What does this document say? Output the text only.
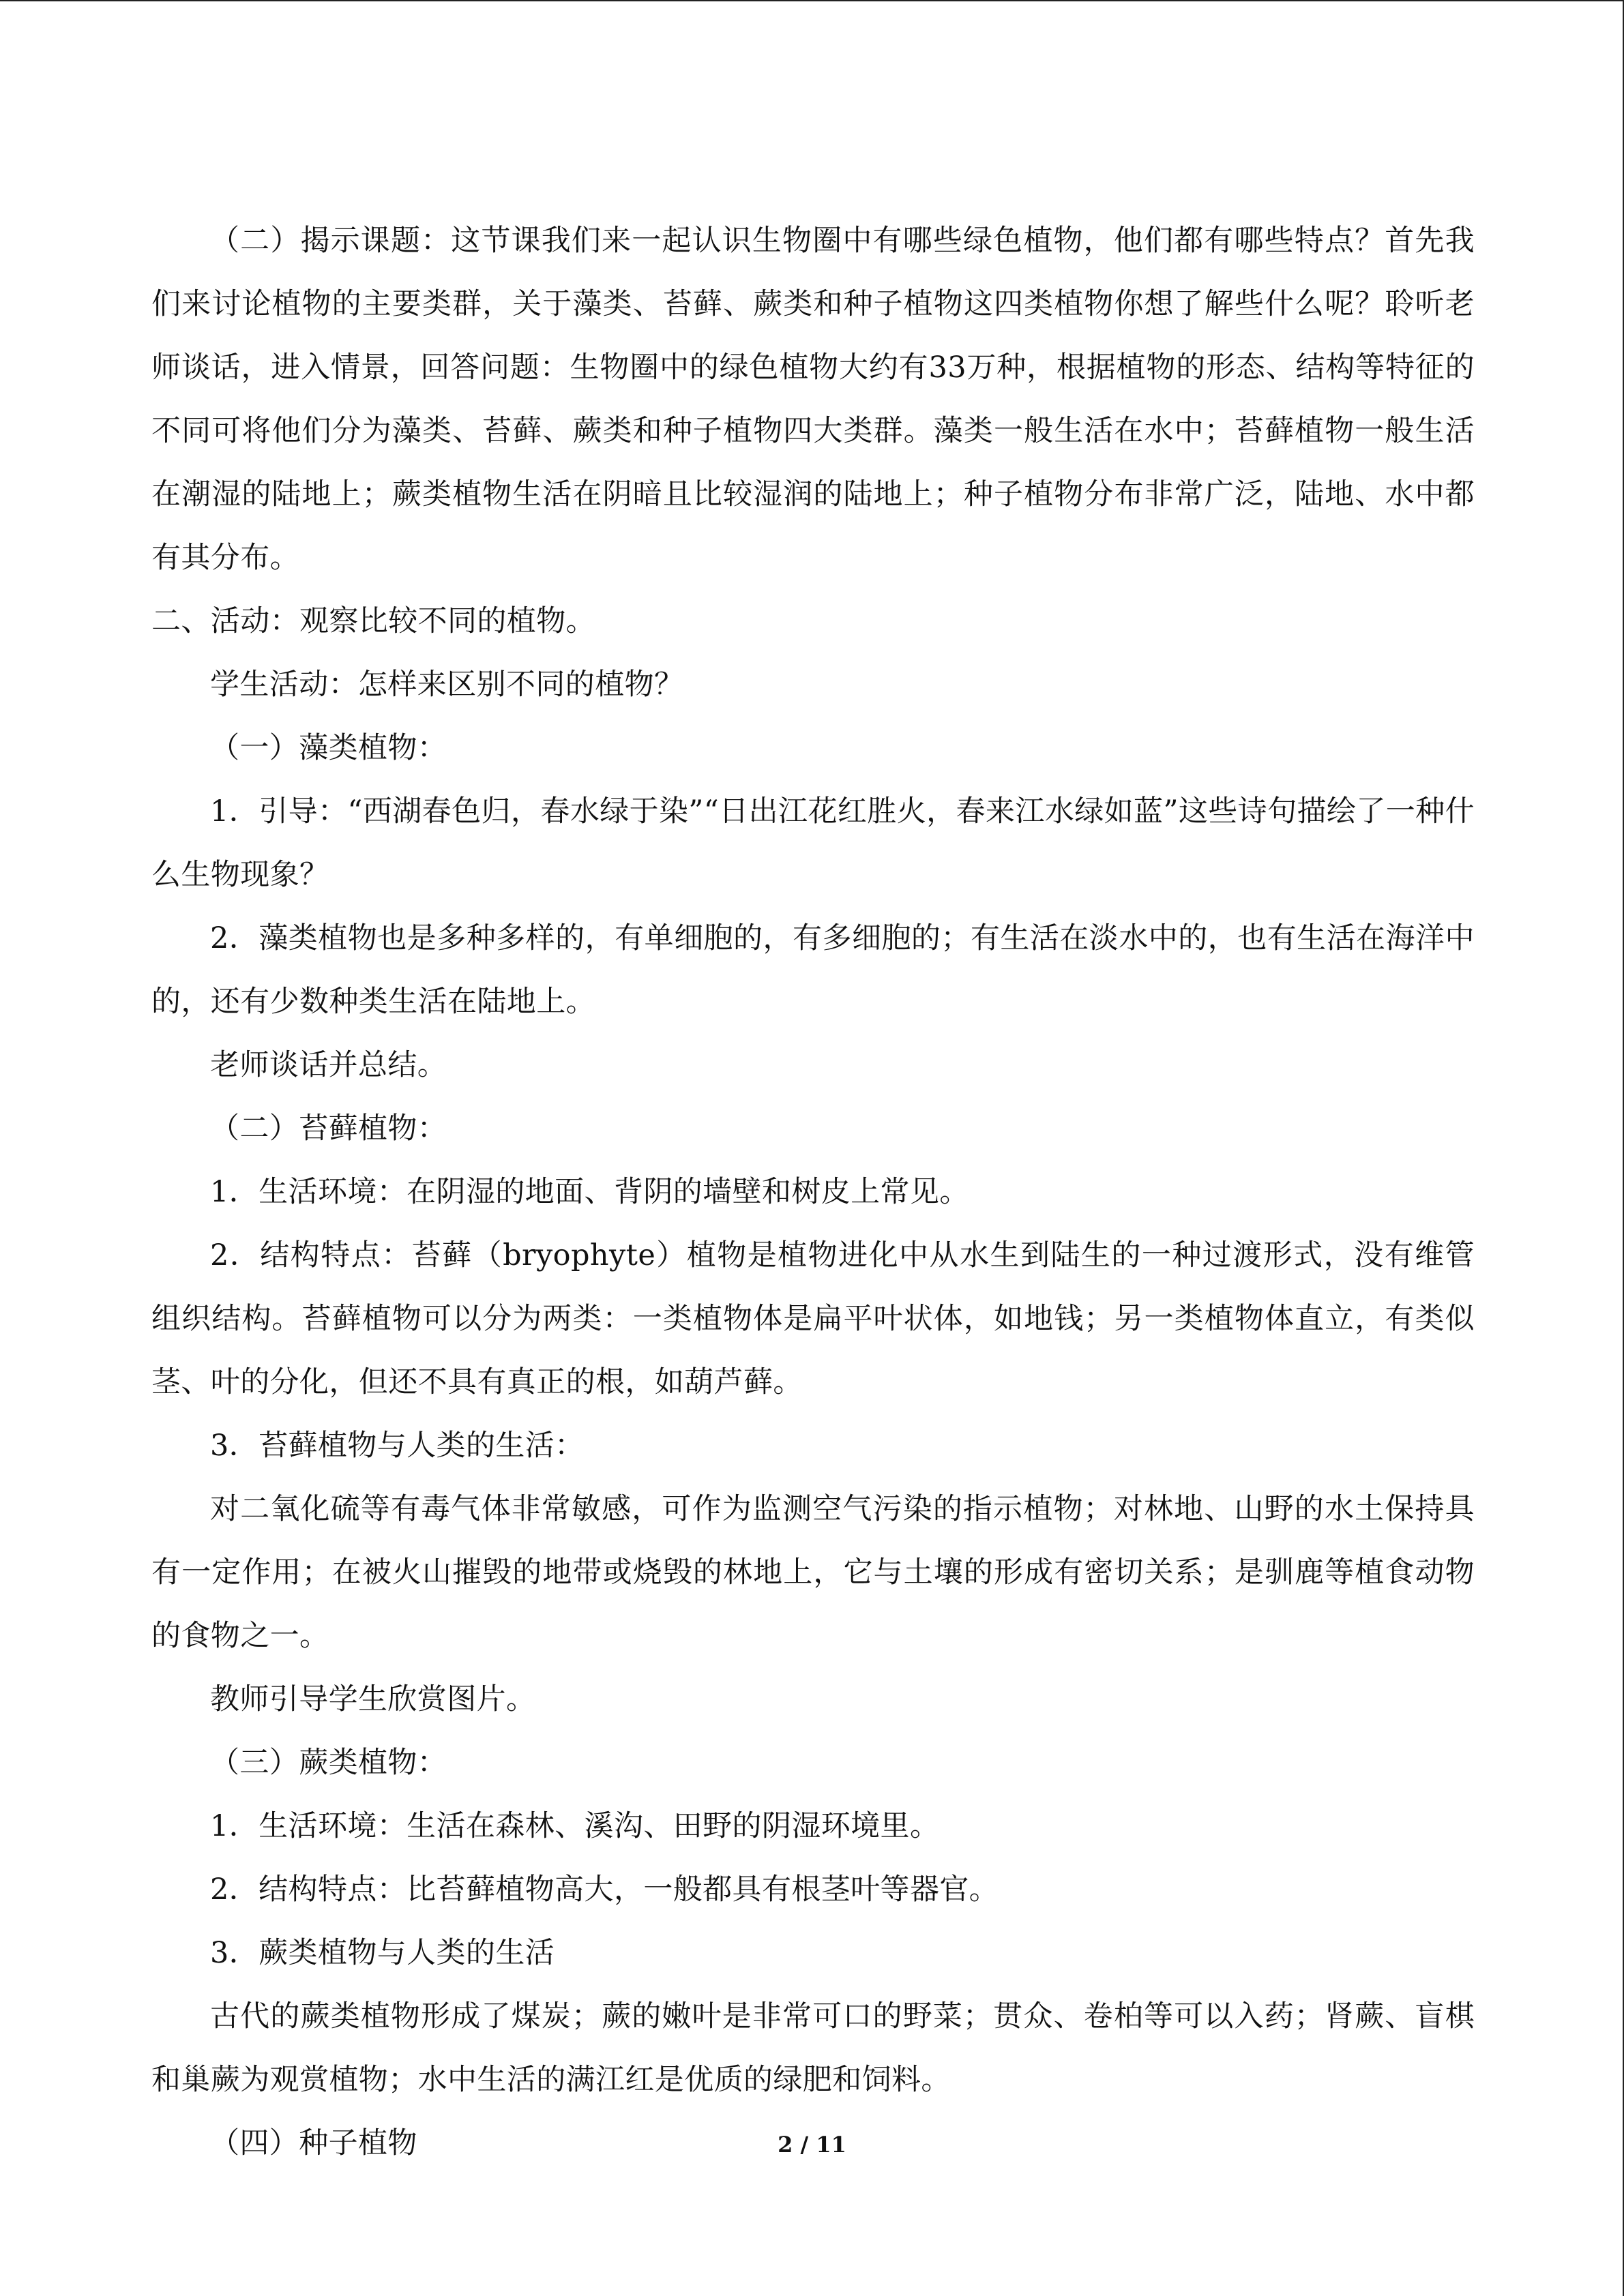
（二）揭示课题：这节课我们来一起认识生物圈中有哪些绿色植物，他们都有哪些特点？首先我们来讨论植物的主要类群，关于藻类、苔藓、蕨类和种子植物这四类植物你想了解些什么呢？聆听老师谈话，进入情景，回答问题：生物圈中的绿色植物大约有33万种，根据植物的形态、结构等特征的不同可将他们分为藻类、苔藓、蕨类和种子植物四大类群。藻类一般生活在水中；苔藓植物一般生活在潮湿的陆地上；蕨类植物生活在阴暗且比较湿润的陆地上；种子植物分布非常广泛，陆地、水中都有其分布。

二、活动：观察比较不同的植物。

学生活动：怎样来区别不同的植物？

（一）藻类植物：

1．引导：“西湖春色归，春水绿于染”“日出江花红胜火，春来江水绿如蓝”这些诗句描绘了一种什么生物现象？

2．藻类植物也是多种多样的，有单细胞的，有多细胞的；有生活在淡水中的，也有生活在海洋中的，还有少数种类生活在陆地上。

老师谈话并总结。

（二）苔藓植物：

1．生活环境：在阴湿的地面、背阴的墙壁和树皮上常见。

2．结构特点：苔藓（bryophyte）植物是植物进化中从水生到陆生的一种过渡形式，没有维管组织结构。苔藓植物可以分为两类：一类植物体是扁平叶状体，如地钱；另一类植物体直立，有类似茎、叶的分化，但还不具有真正的根，如葫芦藓。

3．苔藓植物与人类的生活：

对二氧化硫等有毒气体非常敏感，可作为监测空气污染的指示植物；对林地、山野的水土保持具有一定作用；在被火山摧毁的地带或烧毁的林地上，它与土壤的形成有密切关系；是驯鹿等植食动物的食物之一。

教师引导学生欣赏图片。

（三）蕨类植物：

1．生活环境：生活在森林、溪沟、田野的阴湿环境里。

2．结构特点：比苔藓植物高大，一般都具有根茎叶等器官。

3．蕨类植物与人类的生活

古代的蕨类植物形成了煤炭；蕨的嫩叶是非常可口的野菜；贯众、卷柏等可以入药；肾蕨、盲棋和巢蕨为观赏植物；水中生活的满江红是优质的绿肥和饲料。

（四）种子植物	2 / 11
